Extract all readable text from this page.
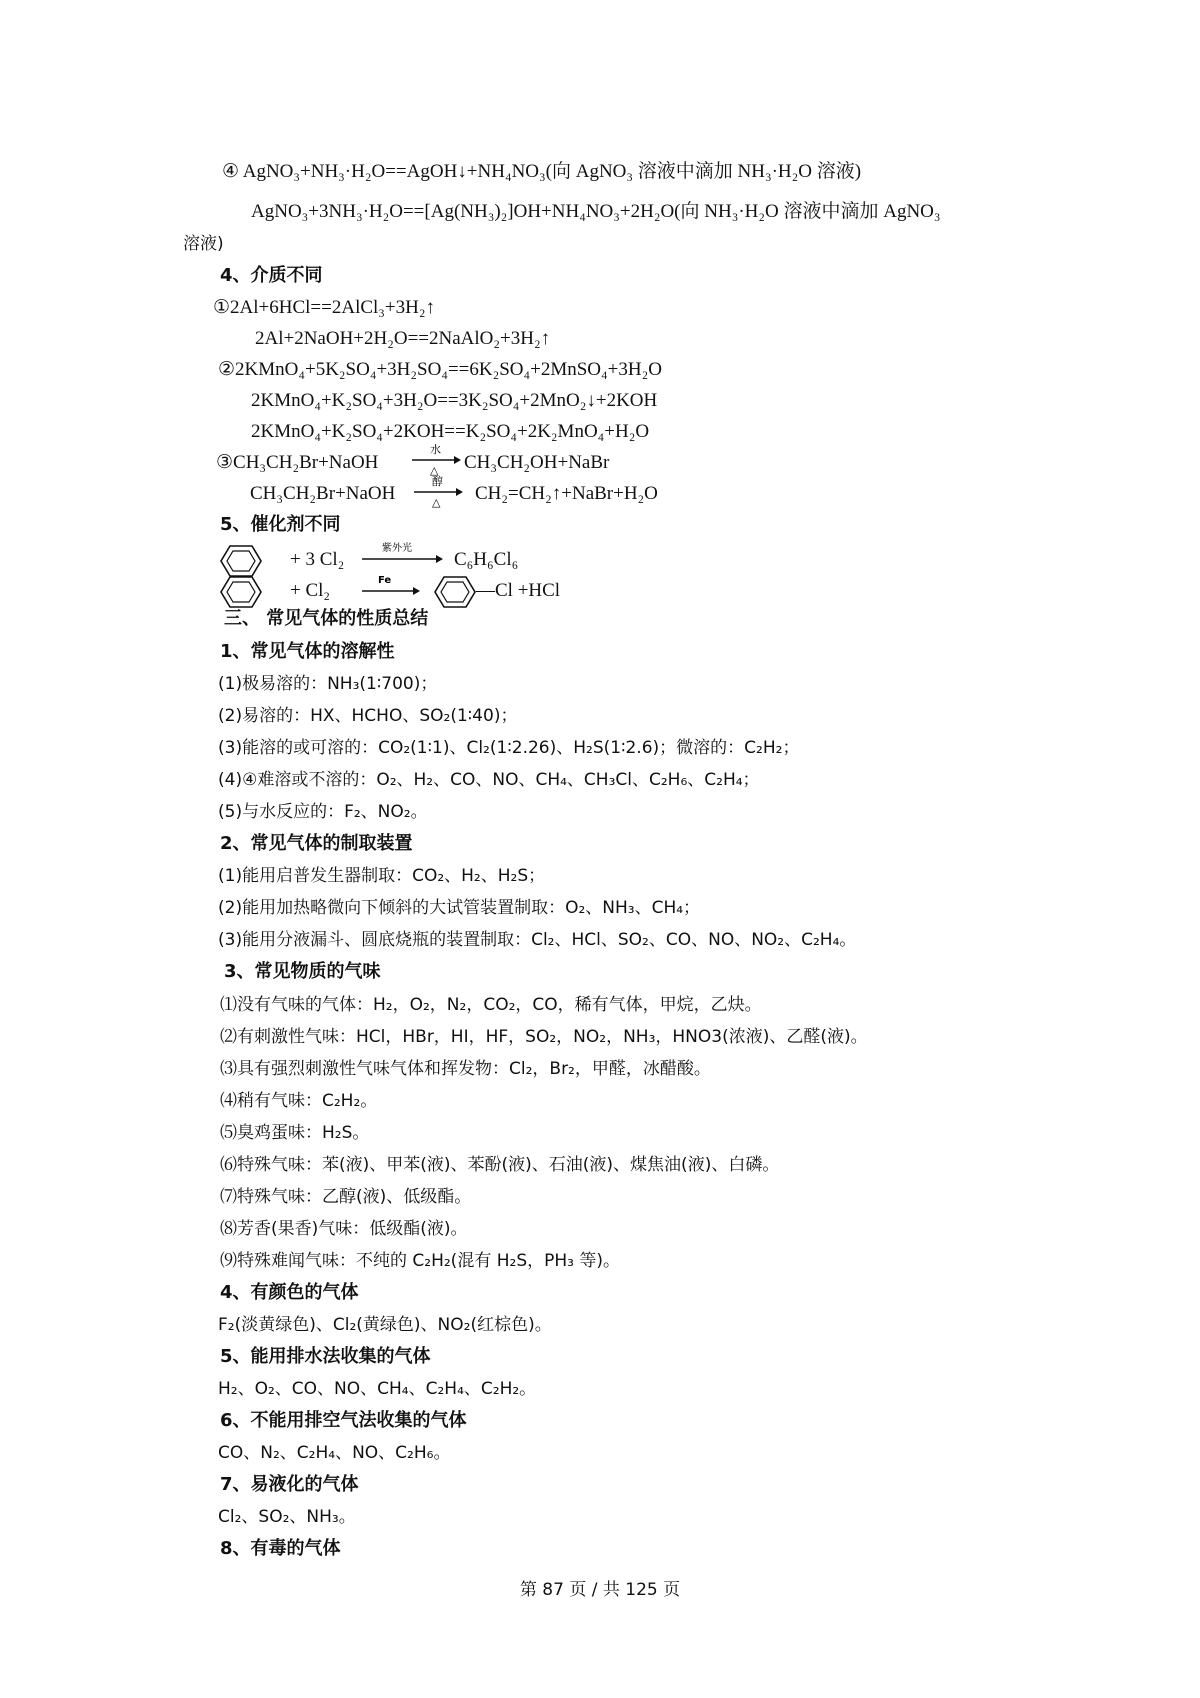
④ AgNO₃+NH₃·H₂O==AgOH↓+NH₄NO₃(向 AgNO₃ 溶液中滴加 NH₃·H₂O 溶液)
AgNO₃+3NH₃·H₂O==[Ag(NH₃)₂]OH+NH₄NO₃+2H₂O(向 NH₃·H₂O 溶液中滴加 AgNO₃
溶液)
4、介质不同
①2Al+6HCl==2AlCl₃+3H₂↑
2Al+2NaOH+2H₂O==2NaAlO₂+3H₂↑
②2KMnO₄+5K₂SO₄+3H₂SO₄==6K₂SO₄+2MnSO₄+3H₂O
2KMnO₄+K₂SO₄+3H₂O==3K₂SO₄+2MnO₂↓+2KOH
2KMnO₄+K₂SO₄+2KOH==K₂SO₄+2K₂MnO₄+H₂O
③CH₃CH₂Br+NaOH
水
△ CH₃CH₂OH+NaBr
CH₃CH₂Br+NaOH
醇
△ CH₂=CH₂↑+NaBr+H₂O
5、催化剂不同
+ 3 Cl₂
紫外光
C₆H₆Cl₆
+ Cl₂	Fe	—Cl +HCl
三、 常见气体的性质总结
1、常见气体的溶解性
(1)极易溶的：NH₃(1∶700)；
(2)易溶的：HX、HCHO、SO₂(1∶40)；
(3)能溶的或可溶的：CO₂(1∶1)、Cl₂(1∶2.26)、H₂S(1∶2.6)；微溶的：C₂H₂；
(4)④难溶或不溶的：O₂、H₂、CO、NO、CH₄、CH₃Cl、C₂H₆、C₂H₄；
(5)与水反应的：F₂、NO₂。
2、常见气体的制取装置
(1)能用启普发生器制取：CO₂、H₂、H₂S；
(2)能用加热略微向下倾斜的大试管装置制取：O₂、NH₃、CH₄；
(3)能用分液漏斗、圆底烧瓶的装置制取：Cl₂、HCl、SO₂、CO、NO、NO₂、C₂H₄。
3、常见物质的气味
⑴没有气味的气体：H₂，O₂，N₂，CO₂，CO，稀有气体，甲烷，乙炔。
⑵有刺激性气味：HCl，HBr，HI，HF，SO₂，NO₂，NH₃，HNO3(浓液)、乙醛(液)。
⑶具有强烈刺激性气味气体和挥发物：Cl₂，Br₂，甲醛，冰醋酸。
⑷稍有气味：C₂H₂。
⑸臭鸡蛋味：H₂S。
⑹特殊气味：苯(液)、甲苯(液)、苯酚(液)、石油(液)、煤焦油(液)、白磷。
⑺特殊气味：乙醇(液)、低级酯。
⑻芳香(果香)气味：低级酯(液)。
⑼特殊难闻气味：不纯的 C₂H₂(混有 H₂S，PH₃ 等)。
4、有颜色的气体
F₂(淡黄绿色)、Cl₂(黄绿色)、NO₂(红棕色)。
5、能用排水法收集的气体
H₂、O₂、CO、NO、CH₄、C₂H₄、C₂H₂。
6、不能用排空气法收集的气体
CO、N₂、C₂H₄、NO、C₂H₆。
7、易液化的气体
Cl₂、SO₂、NH₃。
8、有毒的气体
第 87 页 / 共 125 页
